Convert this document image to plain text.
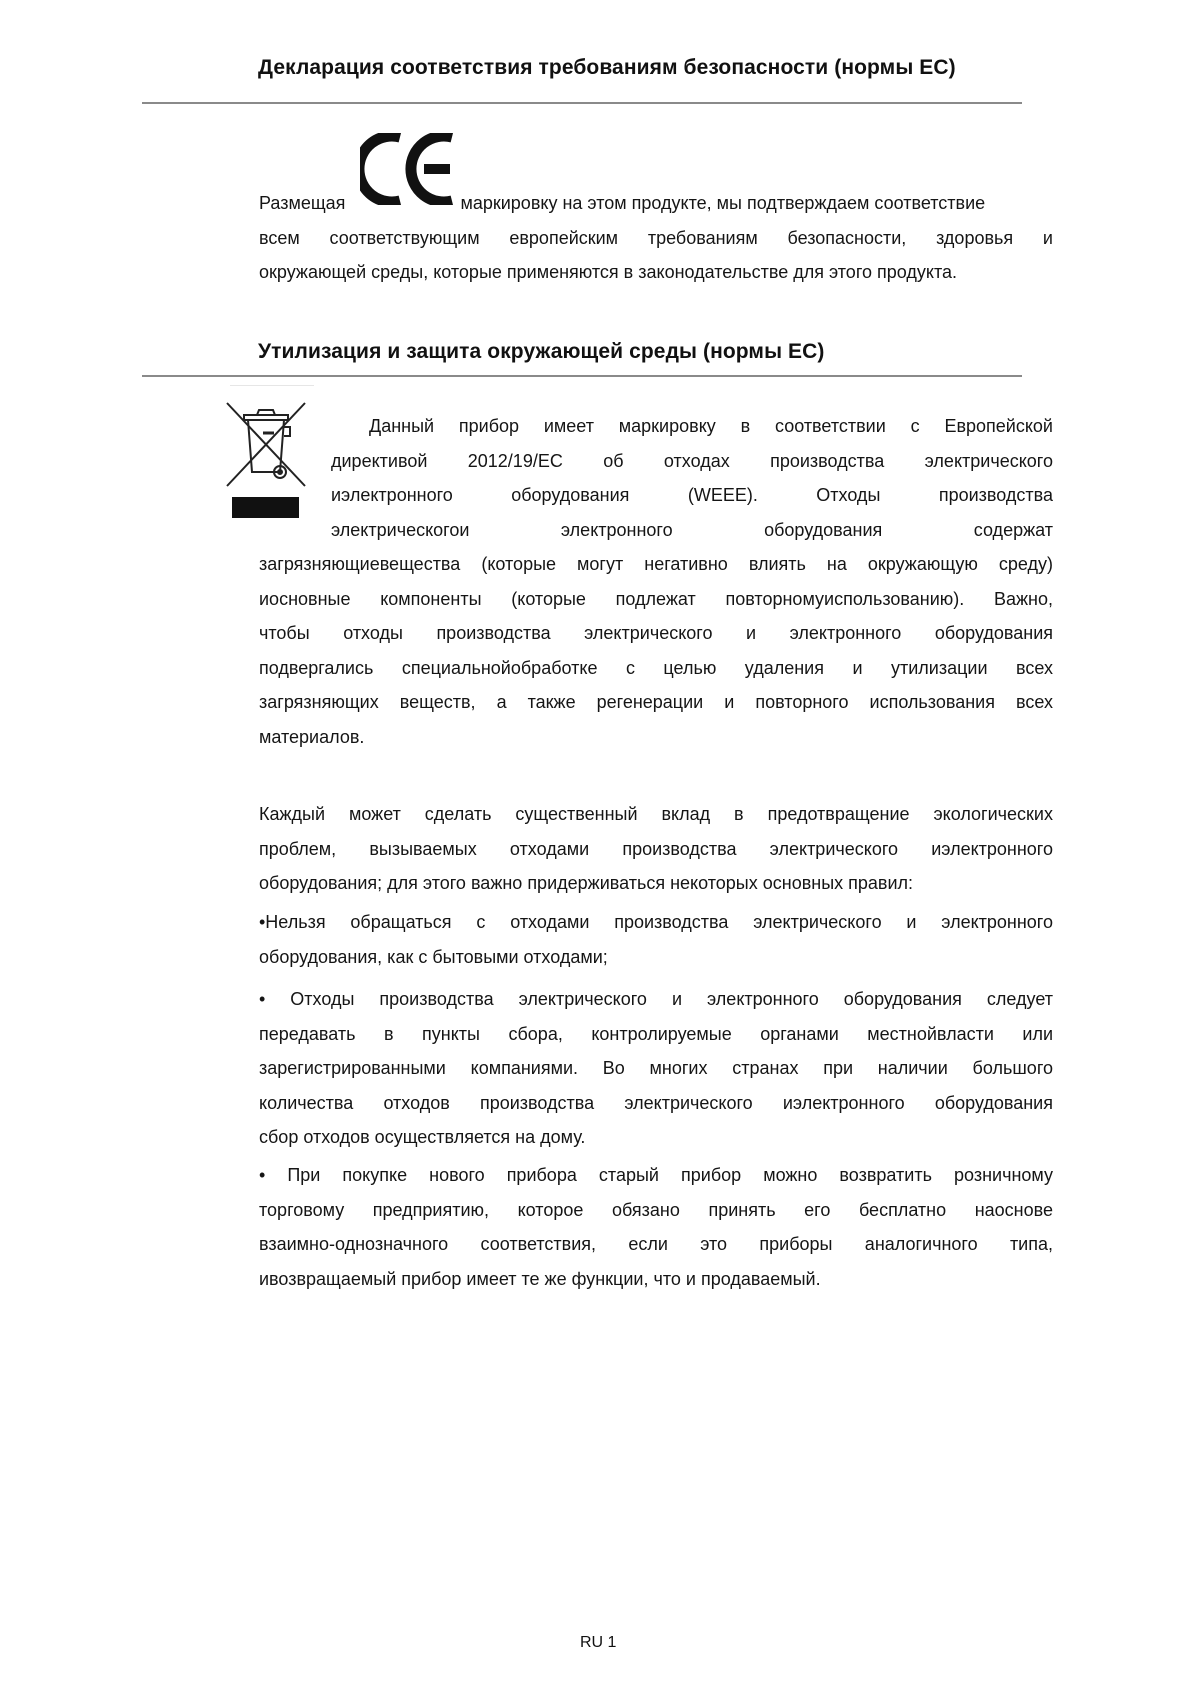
Декларация соответствия требованиям безопасности (нормы ЕС)
Размещая	маркировку на этом продукте, мы подтверждаем соответствие
всем соответствующим европейским требованиям безопасности, здоровья и
окружающей среды, которые применяются в законодательстве для этого продукта.
Утилизация и защита окружающей среды (нормы ЕС)
Данный прибор имеет маркировку в соответствии с Европейской
директивой 2012/19/EC об отходах производства электрического
иэлектронного оборудования (WEEE). Отходы производства
электрическогои электронного оборудования содержат
загрязняющиевещества (которые могут негативно влиять на окружающую среду)
иосновные компоненты (которые подлежат повторномуиспользованию). Важно,
чтобы отходы производства электрического и электронного оборудования
подвергались специальнойобработке с целью удаления и утилизации всех
загрязняющих веществ, а также регенерации и повторного использования всех
материалов.
Каждый может сделать существенный вклад в предотвращение экологических
проблем, вызываемых отходами производства электрического иэлектронного
оборудования; для этого важно придерживаться некоторых основных правил:
•Нельзя обращаться с отходами производства электрического и электронного
оборудования, как с бытовыми отходами;
• Отходы производства электрического и электронного оборудования следует
передавать в пункты сбора, контролируемые органами местнойвласти или
зарегистрированными компаниями. Во многих странах при наличии большого
количества отходов производства электрического иэлектронного оборудования
сбор отходов осуществляется на дому.
• При покупке нового прибора старый прибор можно возвратить розничному
торговому предприятию, которое обязано принять его бесплатно наоснове
взаимно-однозначного соответствия, если это приборы аналогичного типа,
ивозвращаемый прибор имеет те же функции, что и продаваемый.
RU 1
